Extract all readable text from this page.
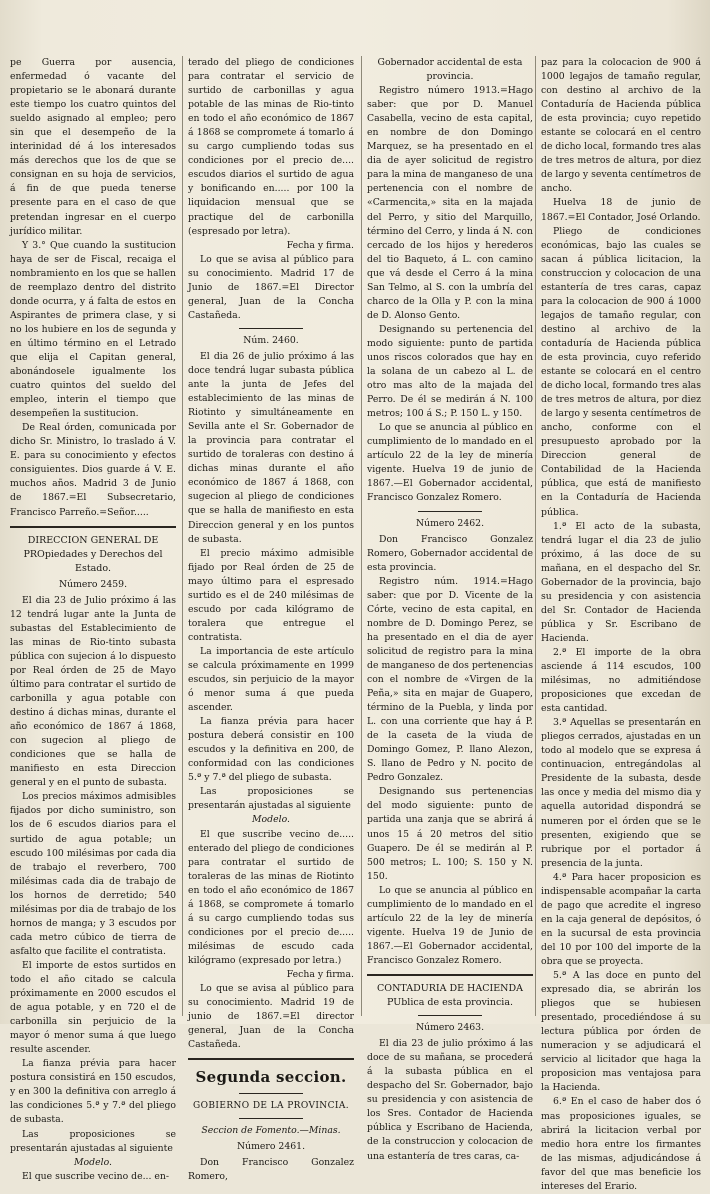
pe Guerra por ausencia, enfermedad ó vacante del propietario se le abonará durante este tiempo los cuatro quintos del sueldo asignado al empleo; pero sin que el desempeño de la interinidad dé á los interesados más derechos que los de que se consignan en su hoja de servicios, á fin de que pueda tenerse presente para en el caso de que pretendan ingresar en el cuerpo jurídico militar.

Y 3.° Que cuando la sustitucion haya de ser de Fiscal, recaiga el nombramiento en los que se hallen de reemplazo dentro del distrito donde ocurra, y á falta de estos en Aspirantes de primera clase, y si no los hubiere en los de segunda y en último término en el Letrado que elija el Capitan general, abonándosele igualmente los cuatro quintos del sueldo del empleo, interin el tiempo que desempeñen la sustitucion.

De Real órden, comunicada por dicho Sr. Ministro, lo traslado á V. E. para su conocimiento y efectos consiguientes. Dios guarde á V. E. muchos años. Madrid 3 de Junio de 1867.=El Subsecretario, Francisco Parreño.=Señor.....

DIRECCION GENERAL DE PROpiedades y Derechos del Estado.

Número 2459.

El dia 23 de Julio próximo á las 12 tendrá lugar ante la Junta de subastas del Establecimiento de las minas de Rio-tinto subasta pública con sujecion á lo dispuesto por Real órden de 25 de Mayo último para contratar el surtido de carbonilla y agua potable con destino á dichas minas, durante el año económico de 1867 á 1868, con sugecion al pliego de condiciones que se halla de manifiesto en esta Direccion general y en el punto de subasta.

Los precios máximos admisibles fijados por dicho suministro, son los de 6 escudos diarios para el surtido de agua potable; un escudo 100 milésimas por cada dia de trabajo el reverbero, 700 milésimas cada dia de trabajo de los hornos de derretido; 540 milésimas por dia de trabajo de los hornos de manga; y 3 escudos por cada metro cúbico de tierra de asfalto que facilite el contratista.

El importe de estos surtidos en todo el año citado se calcula próximamente en 2000 escudos el de agua potable, y en 720 el de carbonilla sin perjuicio de la mayor ó menor suma á que luego resulte ascender.

La fianza prévia para hacer postura consistirá en 150 escudos, y en 300 la definitiva con arreglo á las condiciones 5.ª y 7.ª del pliego de subasta.

Las proposiciones se presentarán ajustadas al siguiente

Modelo.

El que suscribe vecino de... en-

terado del pliego de condiciones para contratar el servicio de surtido de carbonillas y agua potable de las minas de Rio-tinto en todo el año económico de 1867 á 1868 se compromete á tomarlo á su cargo cumpliendo todas sus condiciones por el precio de.... escudos diarios el surtido de agua y bonificando en..... por 100 la liquidacion mensual que se practique del de carbonilla (espresado por letra).

Fecha y firma.

Lo que se avisa al público para su conocimiento. Madrid 17 de Junio de 1867.=El Director general, Juan de la Concha Castañeda.

Núm. 2460.

El dia 26 de julio próximo á las doce tendrá lugar subasta pública ante la junta de Jefes del establecimiento de las minas de Riotinto y simultáneamente en Sevilla ante el Sr. Gobernador de la provincia para contratar el surtido de toraleras con destino á dichas minas durante el año económico de 1867 á 1868, con sugecion al pliego de condiciones que se halla de manifiesto en esta Direccion general y en los puntos de subasta.

El precio máximo admisible fijado por Real órden de 25 de mayo último para el espresado surtido es el de 240 milésimas de escudo por cada kilógramo de toralera que entregue el contratista.

La importancia de este artículo se calcula próximamente en 1999 escudos, sin perjuicio de la mayor ó menor suma á que pueda ascender.

La fianza prévia para hacer postura deberá consistir en 100 escudos y la definitiva en 200, de conformidad con las condiciones 5.ª y 7.ª del pliego de subasta.

Las proposiciones se presentarán ajustadas al siguiente

Modelo.

El que suscribe vecino de..... enterado del pliego de condiciones para contratar el surtido de toraleras de las minas de Riotinto en todo el año económico de 1867 á 1868, se compromete á tomarlo á su cargo cumpliendo todas sus condiciones por el precio de..... milésimas de escudo cada kilógramo (expresado por letra.)

Fecha y firma.

Lo que se avisa al público para su conocimiento. Madrid 19 de junio de 1867.=El director general, Juan de la Concha Castañeda.

Segunda seccion.

GOBIERNO DE LA PROVINCIA.

Seccion de Fomento.—Minas.

Número 2461.

Don Francisco Gonzalez Romero,

Gobernador accidental de esta provincia.

Registro número 1913.=Hago saber: que por D. Manuel Casabella, vecino de esta capital, en nombre de don Domingo Marquez, se ha presentado en el dia de ayer solicitud de registro para la mina de manganeso de una pertenencia con el nombre de «Carmencita,» sita en la majada del Perro, y sitio del Marquillo, término del Cerro, y linda á N. con cercado de los hijos y herederos del tio Baqueto, á L. con camino que vá desde el Cerro á la mina San Telmo, al S. con la umbría del charco de la Olla y P. con la mina de D. Alonso Gento.

Designando su pertenencia del modo siguiente: punto de partida unos riscos colorados que hay en la solana de un cabezo al L. de otro mas alto de la majada del Perro. De él se medirán á N. 100 metros; 100 á S.; P. 150 L. y 150.

Lo que se anuncia al público en cumplimiento de lo mandado en el artículo 22 de la ley de minería vigente. Huelva 19 de junio de 1867.—El Gobernador accidental, Francisco Gonzalez Romero.

Número 2462.

Don Francisco Gonzalez Romero, Gobernador accidental de esta provincia.

Registro núm. 1914.=Hago saber: que por D. Vicente de la Córte, vecino de esta capital, en nombre de D. Domingo Perez, se ha presentado en el dia de ayer solicitud de registro para la mina de manganeso de dos pertenencias con el nombre de «Virgen de la Peña,» sita en majar de Guapero, término de la Puebla, y linda por L. con una corriente que hay á P. de la caseta de la viuda de Domingo Gomez, P. llano Alezon, S. llano de Pedro y N. pocito de Pedro Gonzalez.

Designando sus pertenencias del modo siguiente: punto de partida una zanja que se abrirá á unos 15 á 20 metros del sitio Guapero. De él se medirán al P. 500 metros; L. 100; S. 150 y N. 150.

Lo que se anuncia al público en cumplimiento de lo mandado en el artículo 22 de la ley de minería vigente. Huelva 19 de Junio de 1867.—El Gobernador accidental, Francisco Gonzalez Romero.

CONTADURIA DE HACIENDA PUblica de esta provincia.

Número 2463.

El dia 23 de julio próximo á las doce de su mañana, se procederá á la subasta pública en el despacho del Sr. Gobernador, bajo su presidencia y con asistencia de los Sres. Contador de Hacienda pública y Escribano de Hacienda, de la construccion y colocacion de una estantería de tres caras, ca-

paz para la colocacion de 900 á 1000 legajos de tamaño regular, con destino al archivo de la Contaduría de Hacienda pública de esta provincia; cuyo repetido estante se colocará en el centro de dicho local, formando tres alas de tres metros de altura, por diez de largo y seventa centímetros de ancho.

Huelva 18 de junio de 1867.=El Contador, José Orlando.

Pliego de condiciones económicas, bajo las cuales se sacan á pública licitacion, la construccion y colocacion de una estantería de tres caras, capaz para la colocacion de 900 á 1000 legajos de tamaño regular, con destino al archivo de la contaduría de Hacienda pública de esta provincia, cuyo referido estante se colocará en el centro de dicho local, formando tres alas de tres metros de altura, por diez de largo y sesenta centímetros de ancho, conforme con el presupuesto aprobado por la Direccion general de Contabilidad de la Hacienda pública, que está de manifiesto en la Contaduría de Hacienda pública.

1.ª El acto de la subasta, tendrá lugar el dia 23 de julio próximo, á las doce de su mañana, en el despacho del Sr. Gobernador de la provincia, bajo su presidencia y con asistencia del Sr. Contador de Hacienda pública y Sr. Escribano de Hacienda.

2.ª El importe de la obra asciende á 114 escudos, 100 milésimas, no admitiéndose proposiciones que excedan de esta cantidad.

3.ª Aquellas se presentarán en pliegos cerrados, ajustadas en un todo al modelo que se expresa á continuacion, entregándolas al Presidente de la subasta, desde las once y media del mismo dia y aquella autoridad dispondrá se numeren por el órden que se le presenten, exigiendo que se rubrique por el portador á presencia de la junta.

4.ª Para hacer proposicion es indispensable acompañar la carta de pago que acredite el ingreso en la caja general de depósitos, ó en la sucursal de esta provincia del 10 por 100 del importe de la obra que se proyecta.

5.ª A las doce en punto del expresado dia, se abrirán los pliegos que se hubiesen presentado, procediéndose á su lectura pública por órden de numeracion y se adjudicará el servicio al licitador que haga la proposicion mas ventajosa para la Hacienda.

6.ª En el caso de haber dos ó mas proposiciones iguales, se abrirá la licitacion verbal por medio hora entre los firmantes de las mismas, adjudicándose á favor del que mas beneficie los intereses del Erario.
